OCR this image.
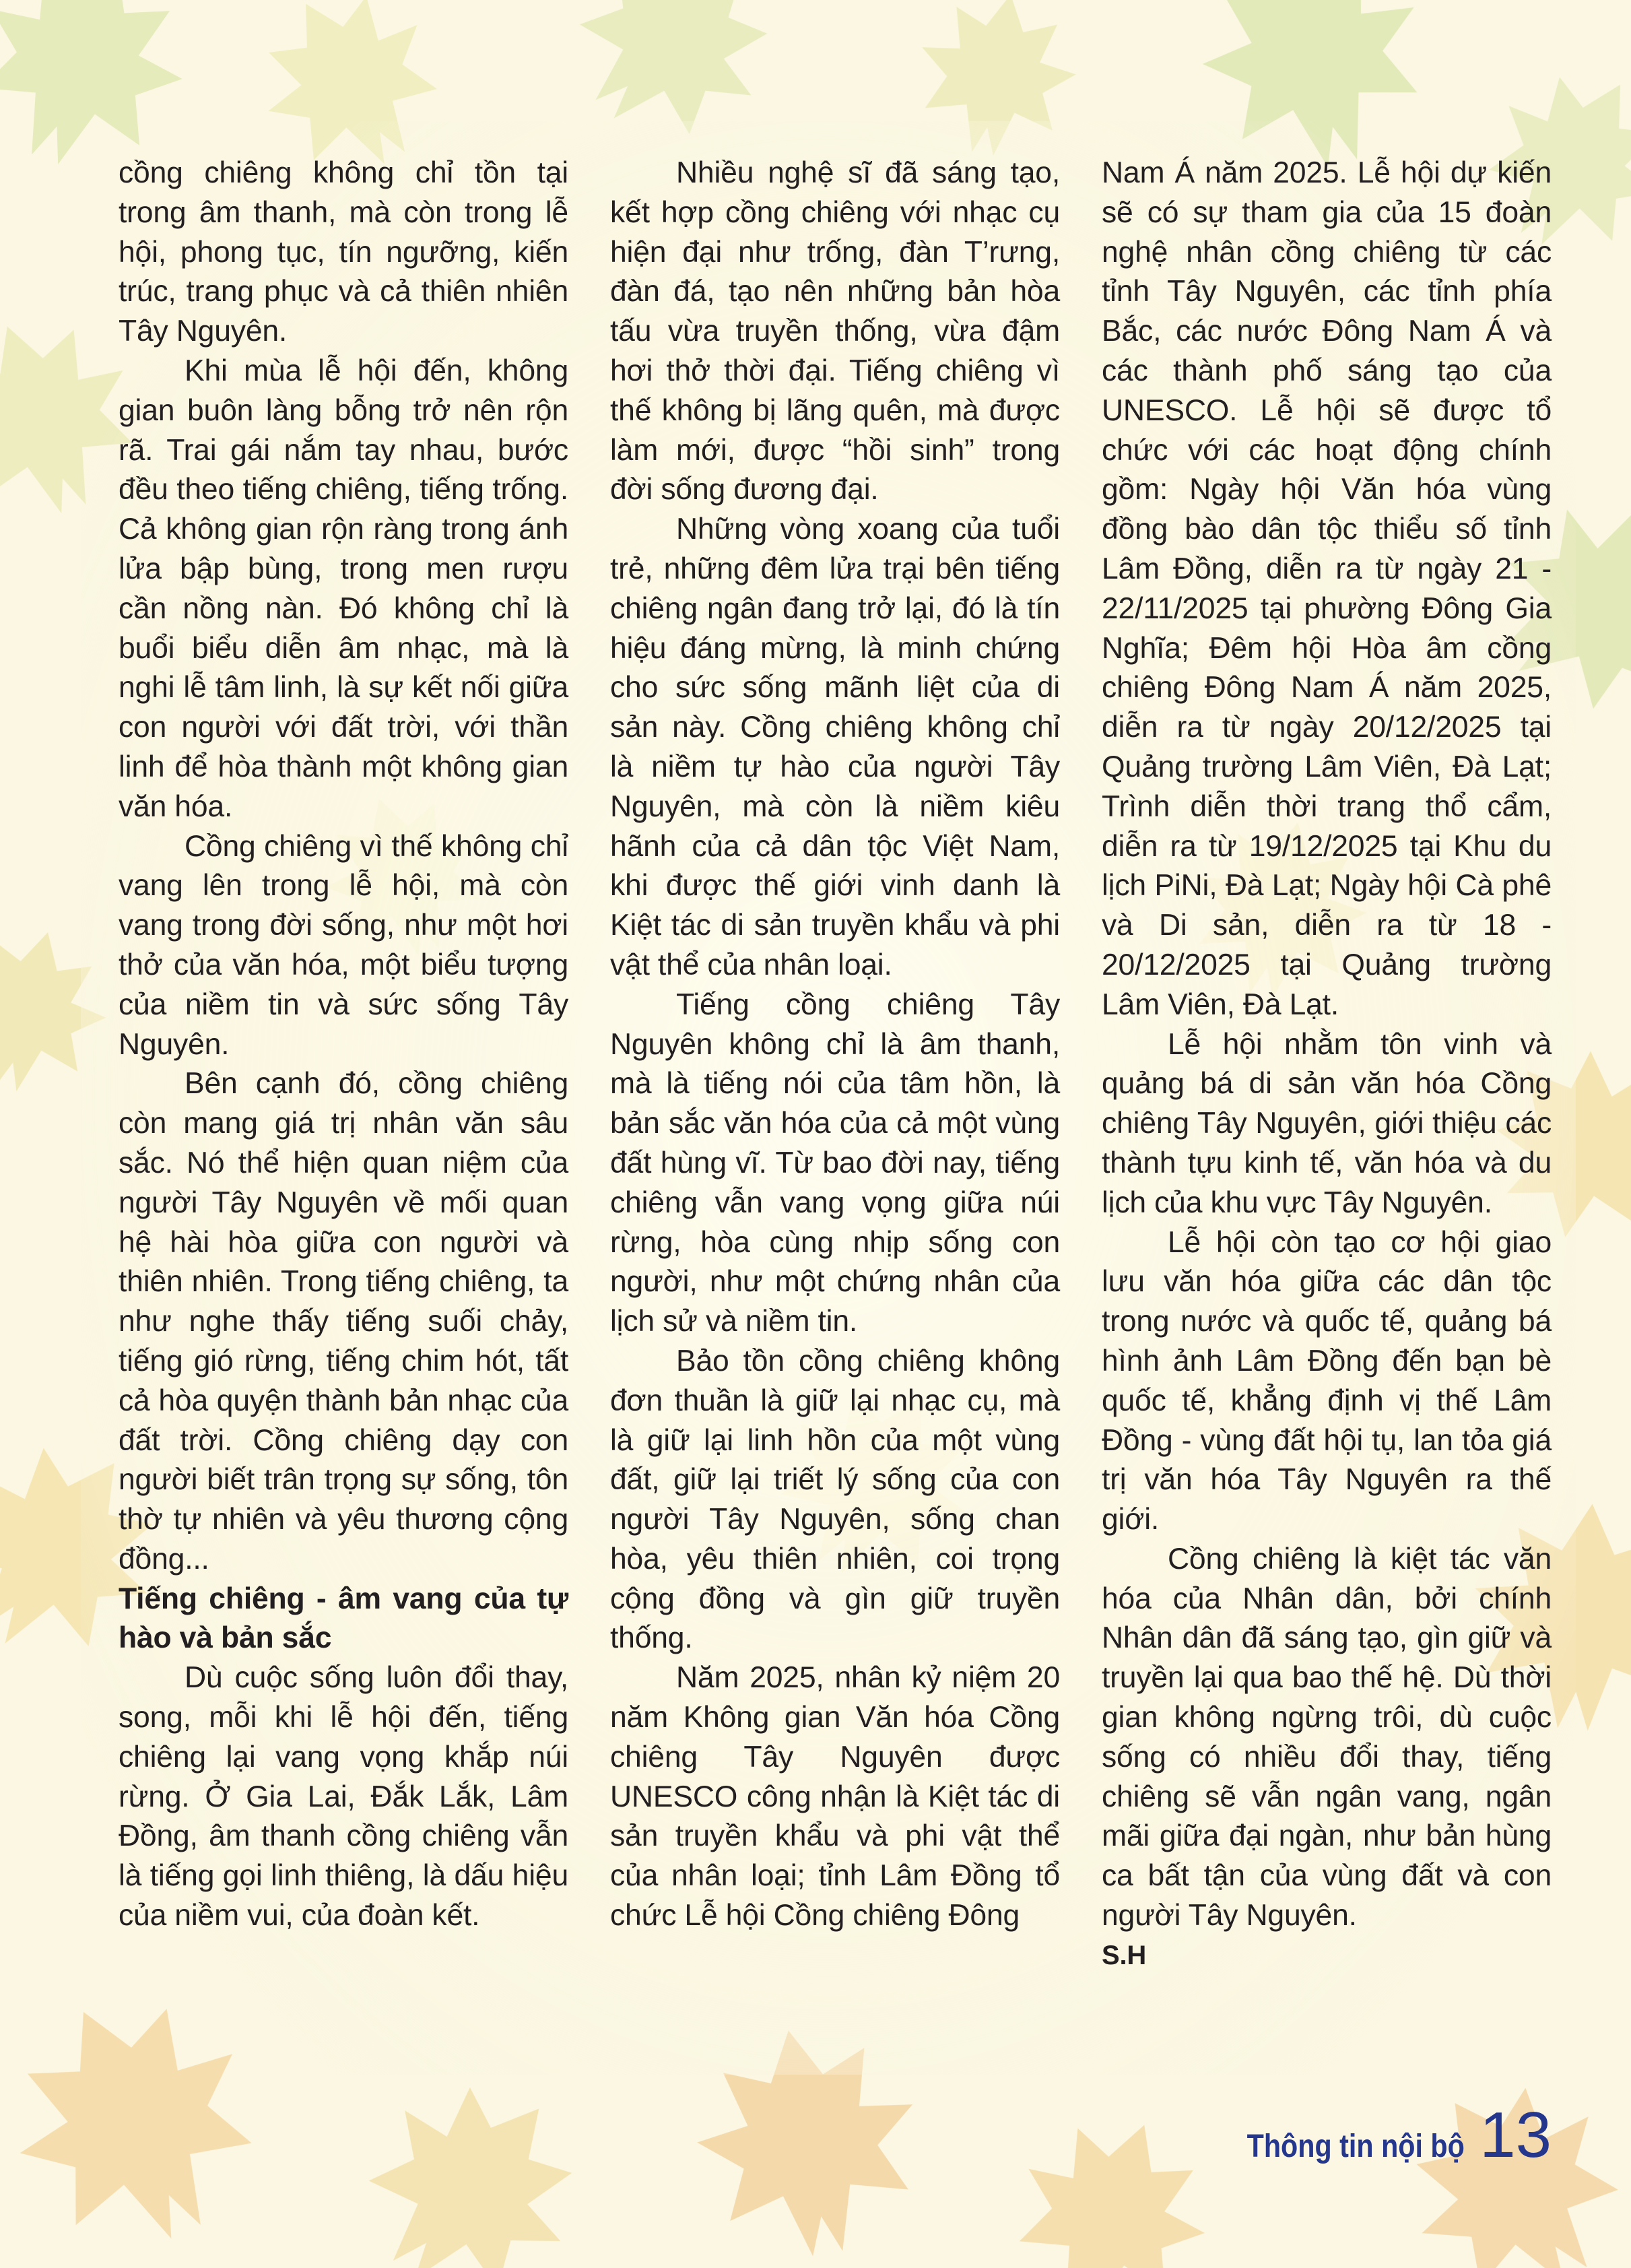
cồng chiêng không chỉ tồn tại trong âm thanh, mà còn trong lễ hội, phong tục, tín ngưỡng, kiến trúc, trang phục và cả thiên nhiên Tây Nguyên.

Khi mùa lễ hội đến, không gian buôn làng bỗng trở nên rộn rã. Trai gái nắm tay nhau, bước đều theo tiếng chiêng, tiếng trống. Cả không gian rộn ràng trong ánh lửa bập bùng, trong men rượu cần nồng nàn. Đó không chỉ là buổi biểu diễn âm nhạc, mà là nghi lễ tâm linh, là sự kết nối giữa con người với đất trời, với thần linh để hòa thành một không gian văn hóa.

Cồng chiêng vì thế không chỉ vang lên trong lễ hội, mà còn vang trong đời sống, như một hơi thở của văn hóa, một biểu tượng của niềm tin và sức sống Tây Nguyên.

Bên cạnh đó, cồng chiêng còn mang giá trị nhân văn sâu sắc. Nó thể hiện quan niệm của người Tây Nguyên về mối quan hệ hài hòa giữa con người và thiên nhiên. Trong tiếng chiêng, ta như nghe thấy tiếng suối chảy, tiếng gió rừng, tiếng chim hót, tất cả hòa quyện thành bản nhạc của đất trời. Cồng chiêng dạy con người biết trân trọng sự sống, tôn thờ tự nhiên và yêu thương cộng đồng...

Tiếng chiêng - âm vang của tự hào và bản sắc

Dù cuộc sống luôn đổi thay, song, mỗi khi lễ hội đến, tiếng chiêng lại vang vọng khắp núi rừng. Ở Gia Lai, Đắk Lắk, Lâm Đồng, âm thanh cồng chiêng vẫn là tiếng gọi linh thiêng, là dấu hiệu của niềm vui, của đoàn kết.

Nhiều nghệ sĩ đã sáng tạo, kết hợp cồng chiêng với nhạc cụ hiện đại như trống, đàn T’rưng, đàn đá, tạo nên những bản hòa tấu vừa truyền thống, vừa đậm hơi thở thời đại. Tiếng chiêng vì thế không bị lãng quên, mà được làm mới, được “hồi sinh” trong đời sống đương đại.

Những vòng xoang của tuổi trẻ, những đêm lửa trại bên tiếng chiêng ngân đang trở lại, đó là tín hiệu đáng mừng, là minh chứng cho sức sống mãnh liệt của di sản này. Cồng chiêng không chỉ là niềm tự hào của người Tây Nguyên, mà còn là niềm kiêu hãnh của cả dân tộc Việt Nam, khi được thế giới vinh danh là Kiệt tác di sản truyền khẩu và phi vật thể của nhân loại.

Tiếng cồng chiêng Tây Nguyên không chỉ là âm thanh, mà là tiếng nói của tâm hồn, là bản sắc văn hóa của cả một vùng đất hùng vĩ. Từ bao đời nay, tiếng chiêng vẫn vang vọng giữa núi rừng, hòa cùng nhịp sống con người, như một chứng nhân của lịch sử và niềm tin.

Bảo tồn cồng chiêng không đơn thuần là giữ lại nhạc cụ, mà là giữ lại linh hồn của một vùng đất, giữ lại triết lý sống của con người Tây Nguyên, sống chan hòa, yêu thiên nhiên, coi trọng cộng đồng và gìn giữ truyền thống.

Năm 2025, nhân kỷ niệm 20 năm Không gian Văn hóa Cồng chiêng Tây Nguyên được UNESCO công nhận là Kiệt tác di sản truyền khẩu và phi vật thể của nhân loại; tỉnh Lâm Đồng tổ chức Lễ hội Cồng chiêng Đông

Nam Á năm 2025. Lễ hội dự kiến sẽ có sự tham gia của 15 đoàn nghệ nhân cồng chiêng từ các tỉnh Tây Nguyên, các tỉnh phía Bắc, các nước Đông Nam Á và các thành phố sáng tạo của UNESCO. Lễ hội sẽ được tổ chức với các hoạt động chính gồm: Ngày hội Văn hóa vùng đồng bào dân tộc thiểu số tỉnh Lâm Đồng, diễn ra từ ngày 21 - 22/11/2025 tại phường Đông Gia Nghĩa; Đêm hội Hòa âm cồng chiêng Đông Nam Á năm 2025, diễn ra từ ngày 20/12/2025 tại Quảng trường Lâm Viên, Đà Lạt; Trình diễn thời trang thổ cẩm, diễn ra từ 19/12/2025 tại Khu du lịch PiNi, Đà Lạt; Ngày hội Cà phê và Di sản, diễn ra từ 18 - 20/12/2025 tại Quảng trường Lâm Viên, Đà Lạt.

Lễ hội nhằm tôn vinh và quảng bá di sản văn hóa Cồng chiêng Tây Nguyên, giới thiệu các thành tựu kinh tế, văn hóa và du lịch của khu vực Tây Nguyên.

Lễ hội còn tạo cơ hội giao lưu văn hóa giữa các dân tộc trong nước và quốc tế, quảng bá hình ảnh Lâm Đồng đến bạn bè quốc tế, khẳng định vị thế Lâm Đồng - vùng đất hội tụ, lan tỏa giá trị văn hóa Tây Nguyên ra thế giới.

Cồng chiêng là kiệt tác văn hóa của Nhân dân, bởi chính Nhân dân đã sáng tạo, gìn giữ và truyền lại qua bao thế hệ. Dù thời gian không ngừng trôi, dù cuộc sống có nhiều đổi thay, tiếng chiêng sẽ vẫn ngân vang, ngân mãi giữa đại ngàn, như bản hùng ca bất tận của vùng đất và con người Tây Nguyên.

S.H

Thông tin nội bộ 13
